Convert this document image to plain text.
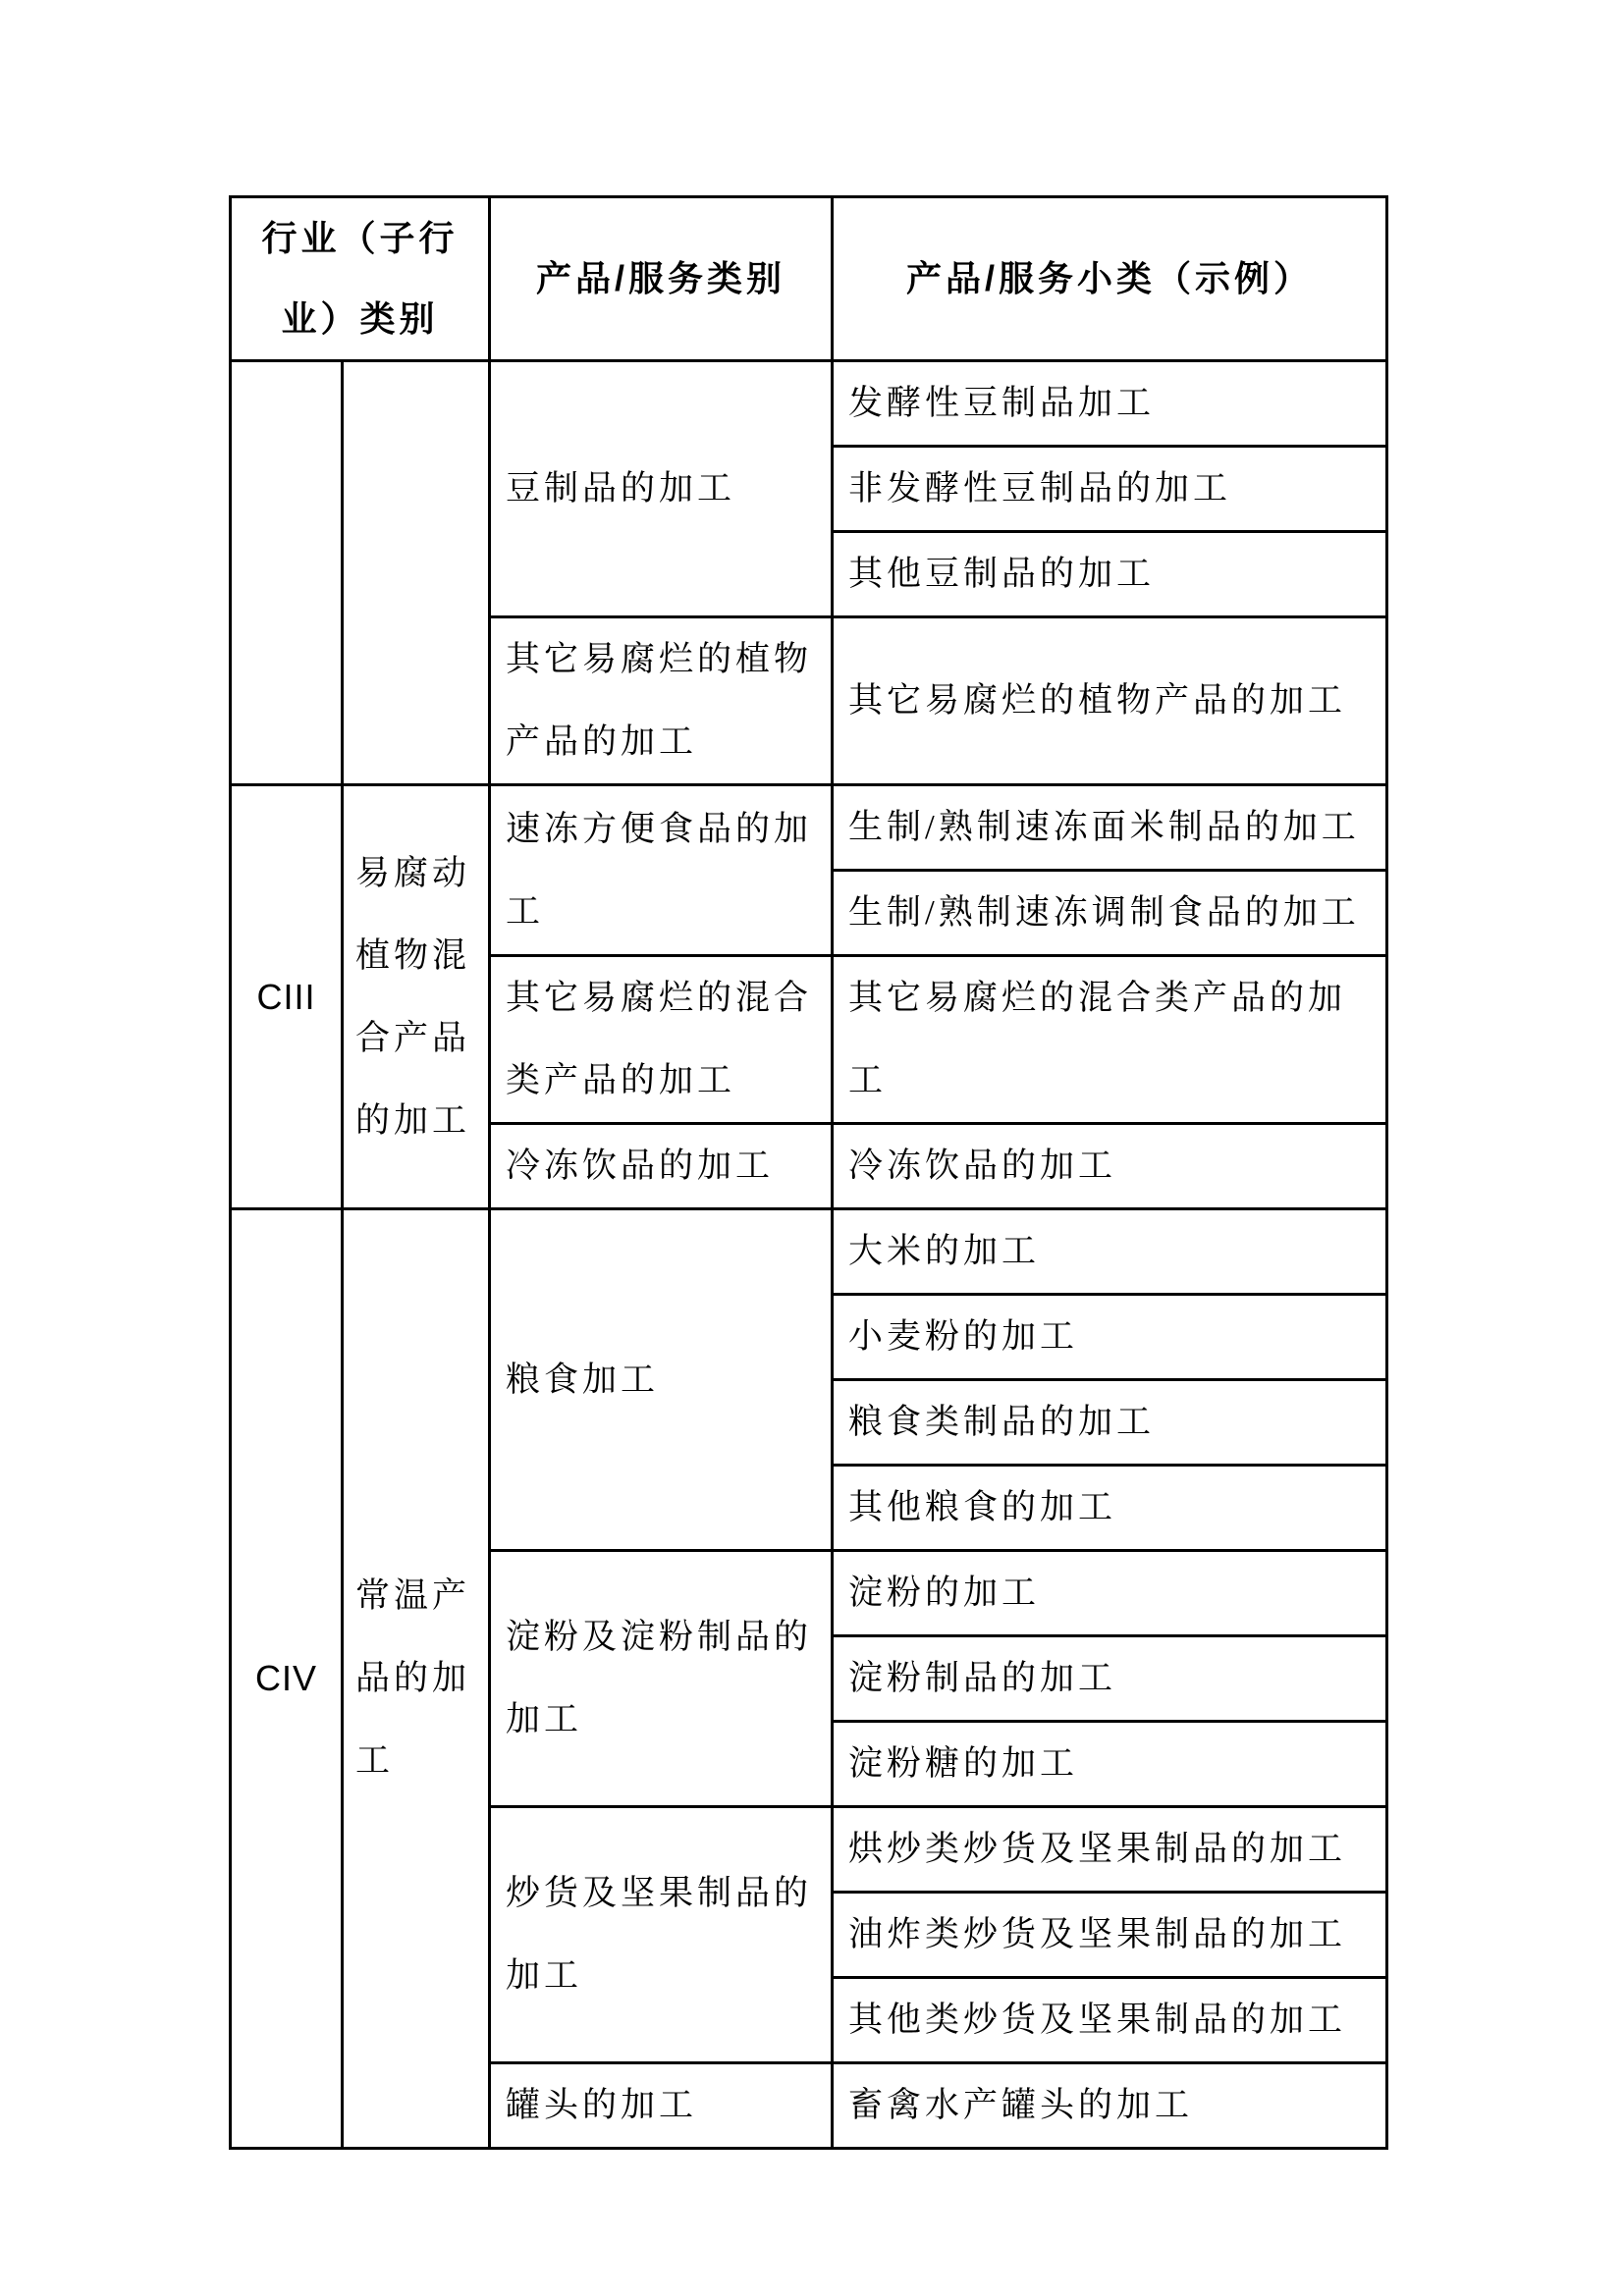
行业（子行业）类别		产品/服务类别	产品/服务小类（示例）
		豆制品的加工	发酵性豆制品加工
			非发酵性豆制品的加工
			其他豆制品的加工
		其它易腐烂的植物产品的加工	其它易腐烂的植物产品的加工
CIII	易腐动植物混合产品的加工	速冻方便食品的加工	生制/熟制速冻面米制品的加工
			生制/熟制速冻调制食品的加工
		其它易腐烂的混合类产品的加工	其它易腐烂的混合类产品的加工
		冷冻饮品的加工	冷冻饮品的加工
CIV	常温产品的加工	粮食加工	大米的加工
			小麦粉的加工
			粮食类制品的加工
			其他粮食的加工
		淀粉及淀粉制品的加工	淀粉的加工
			淀粉制品的加工
			淀粉糖的加工
		炒货及坚果制品的加工	烘炒类炒货及坚果制品的加工
			油炸类炒货及坚果制品的加工
			其他类炒货及坚果制品的加工
		罐头的加工	畜禽水产罐头的加工
